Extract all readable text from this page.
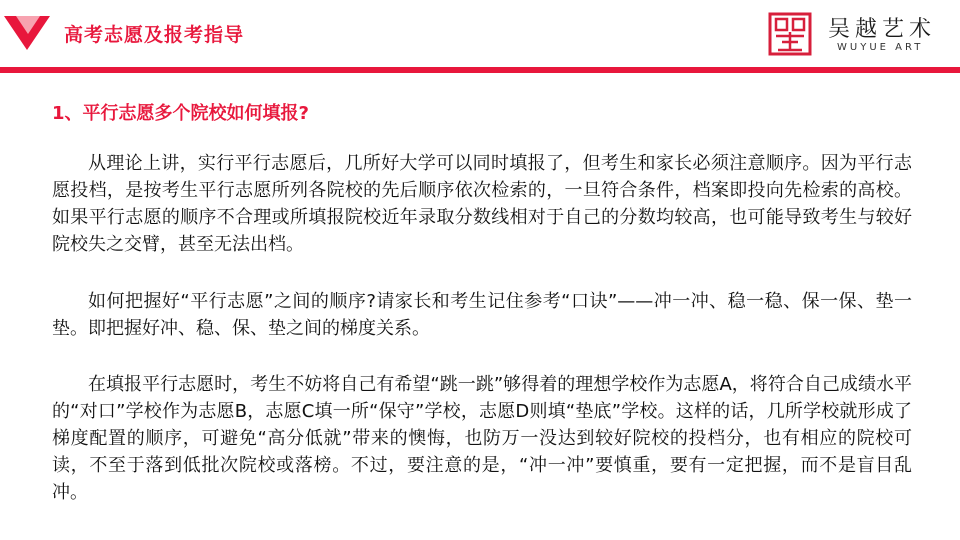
高考志愿及报考指导	吴越艺术
WUYUE ART
1、平行志愿多个院校如何填报?

从理论上讲，实行平行志愿后，几所好大学可以同时填报了，但考生和家长必须注意顺序。因为平行志愿投档，是按考生平行志愿所列各院校的先后顺序依次检索的，一旦符合条件，档案即投向先检索的高校。如果平行志愿的顺序不合理或所填报院校近年录取分数线相对于自己的分数均较高，也可能导致考生与较好院校失之交臂，甚至无法出档。

如何把握好“平行志愿”之间的顺序?请家长和考生记住参考“口诀”——冲一冲、稳一稳、保一保、垫一垫。即把握好冲、稳、保、垫之间的梯度关系。

在填报平行志愿时，考生不妨将自己有希望“跳一跳”够得着的理想学校作为志愿A，将符合自己成绩水平的“对口”学校作为志愿B，志愿C填一所“保守”学校，志愿D则填“垫底”学校。这样的话，几所学校就形成了梯度配置的顺序，可避免“高分低就”带来的懊悔，也防万一没达到较好院校的投档分，也有相应的院校可读，不至于落到低批次院校或落榜。不过，要注意的是，“冲一冲”要慎重，要有一定把握，而不是盲目乱冲。
